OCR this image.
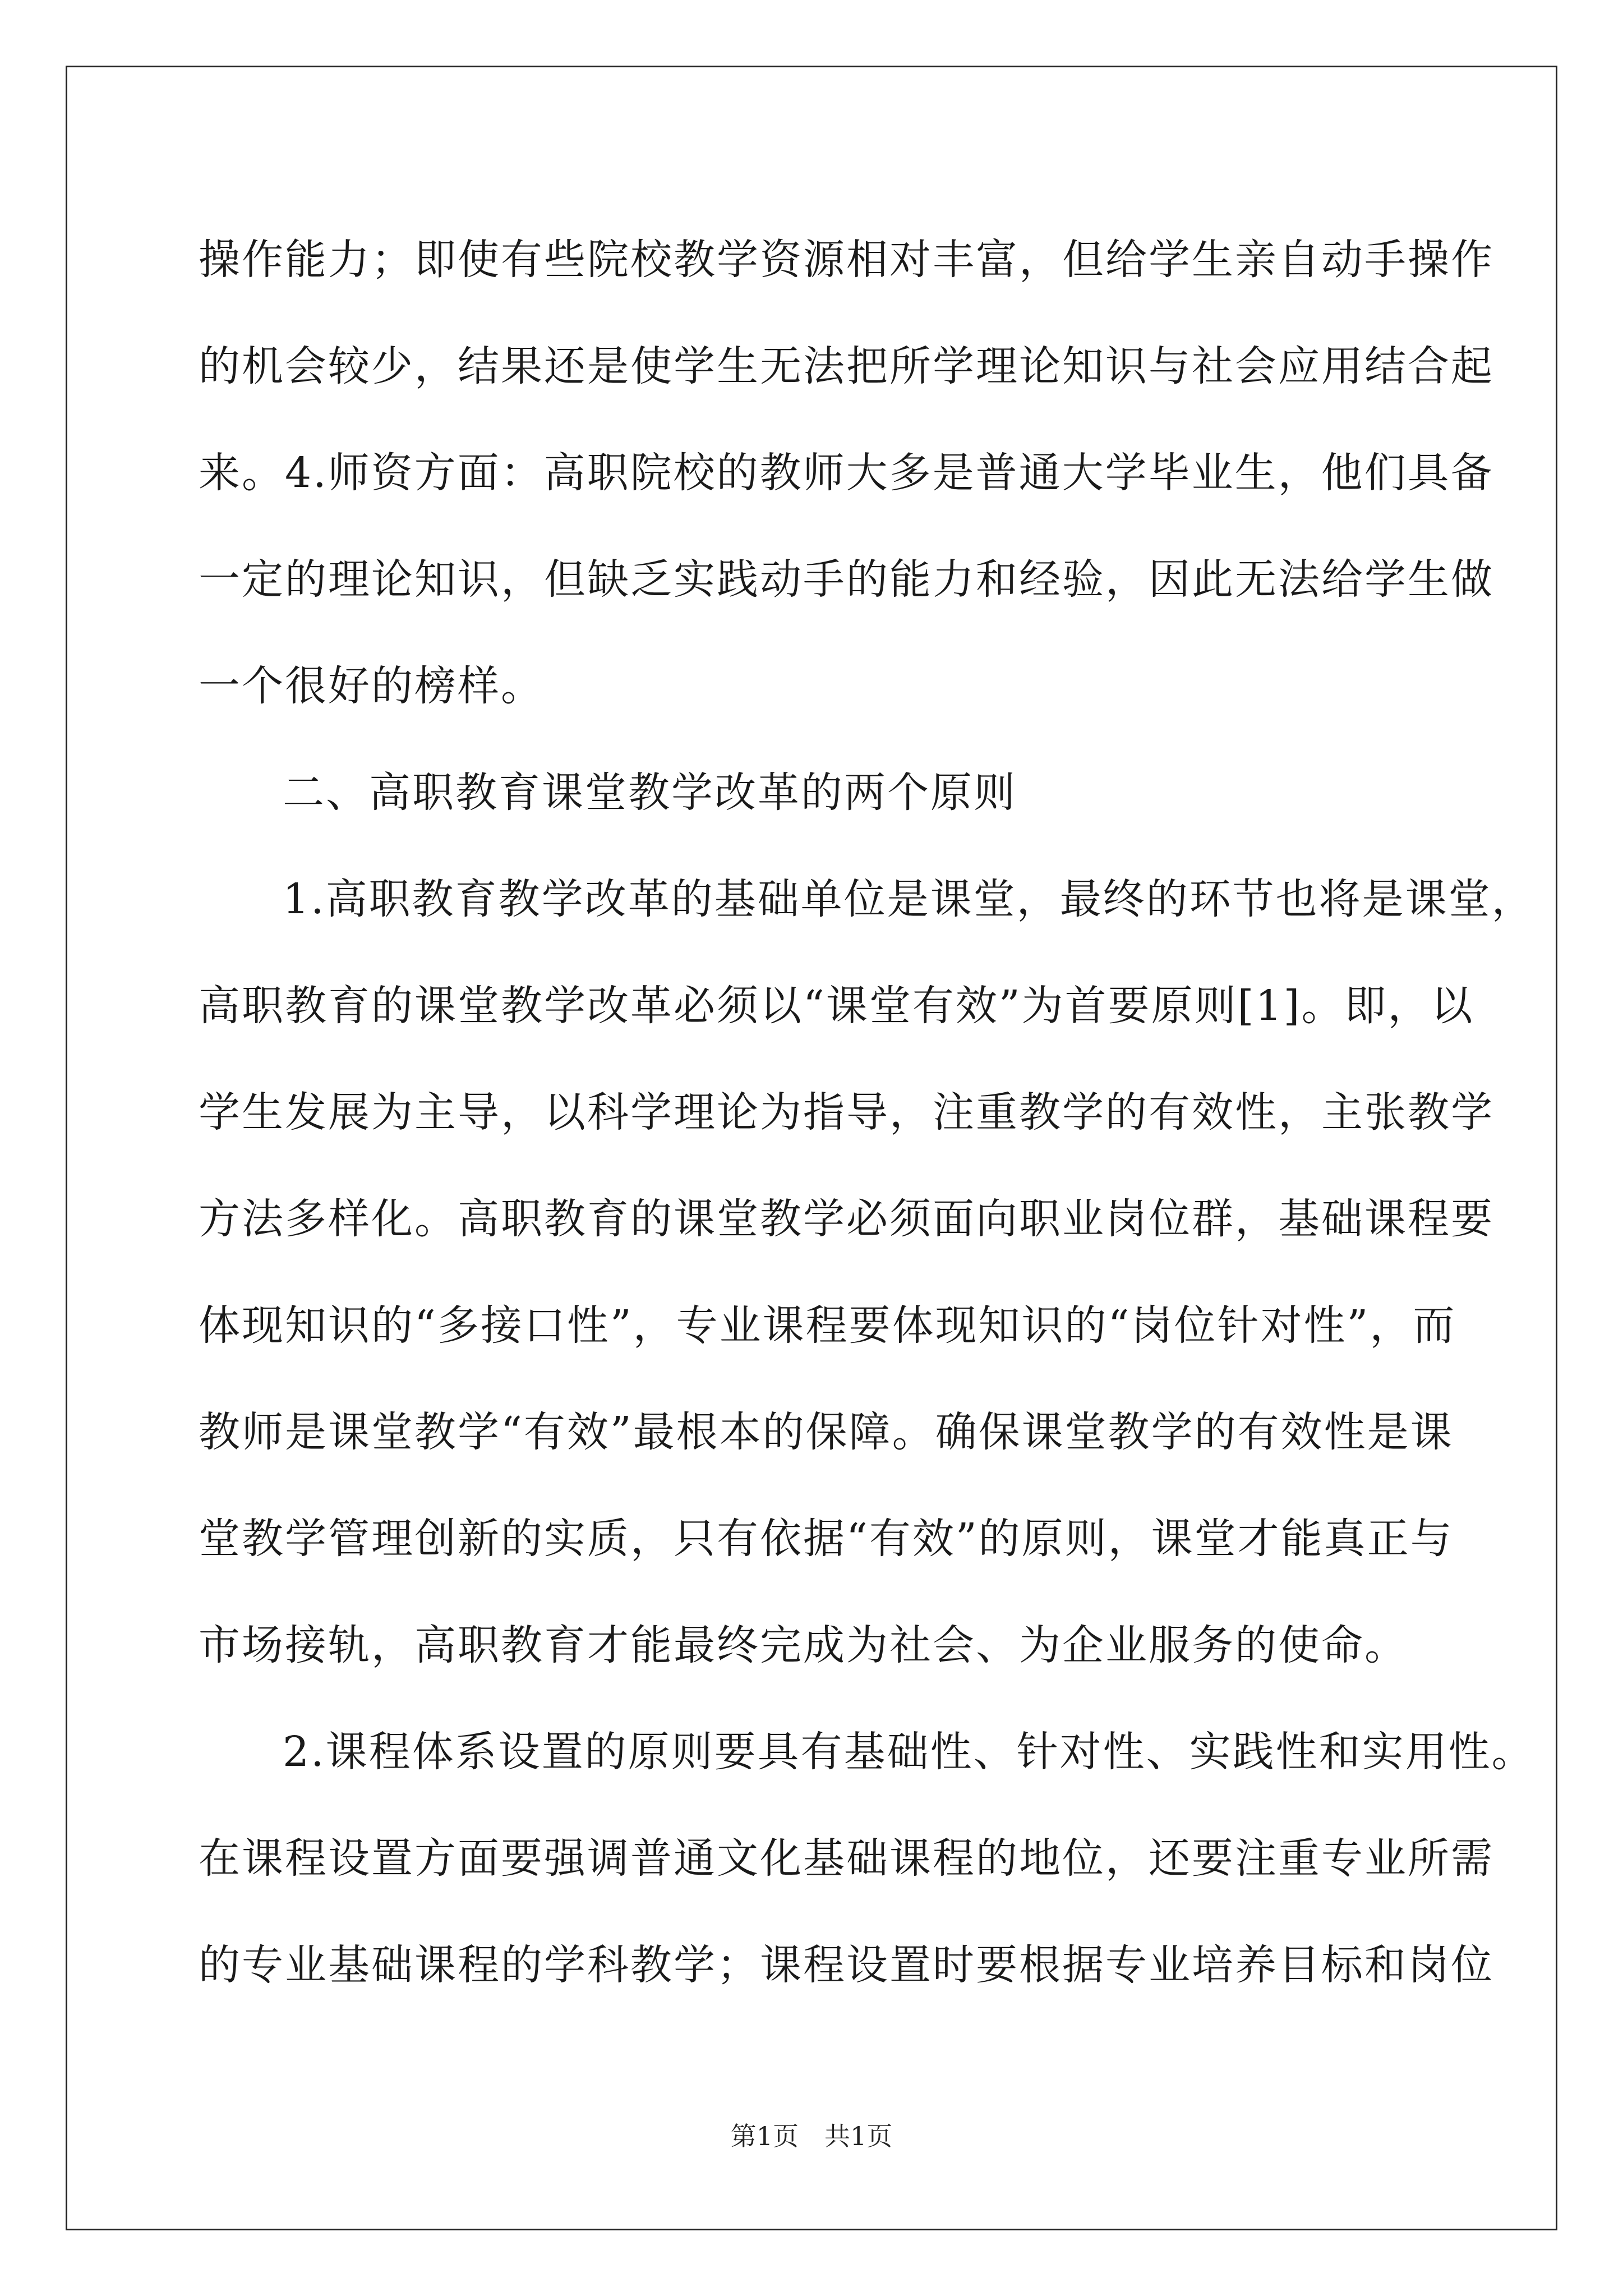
操作能力；即使有些院校教学资源相对丰富，但给学生亲自动手操作
的机会较少，结果还是使学生无法把所学理论知识与社会应用结合起
来。4.师资方面：高职院校的教师大多是普通大学毕业生，他们具备
一定的理论知识，但缺乏实践动手的能力和经验，因此无法给学生做
一个很好的榜样。
二、高职教育课堂教学改革的两个原则
1.高职教育教学改革的基础单位是课堂，最终的环节也将是课堂，
高职教育的课堂教学改革必须以“课堂有效”为首要原则[1]。即，以
学生发展为主导，以科学理论为指导，注重教学的有效性，主张教学
方法多样化。高职教育的课堂教学必须面向职业岗位群，基础课程要
体现知识的“多接口性”，专业课程要体现知识的“岗位针对性”，而
教师是课堂教学“有效”最根本的保障。确保课堂教学的有效性是课
堂教学管理创新的实质，只有依据“有效”的原则，课堂才能真正与
市场接轨，高职教育才能最终完成为社会、为企业服务的使命。
2.课程体系设置的原则要具有基础性、针对性、实践性和实用性。
在课程设置方面要强调普通文化基础课程的地位，还要注重专业所需
的专业基础课程的学科教学；课程设置时要根据专业培养目标和岗位
第1页　共1页
